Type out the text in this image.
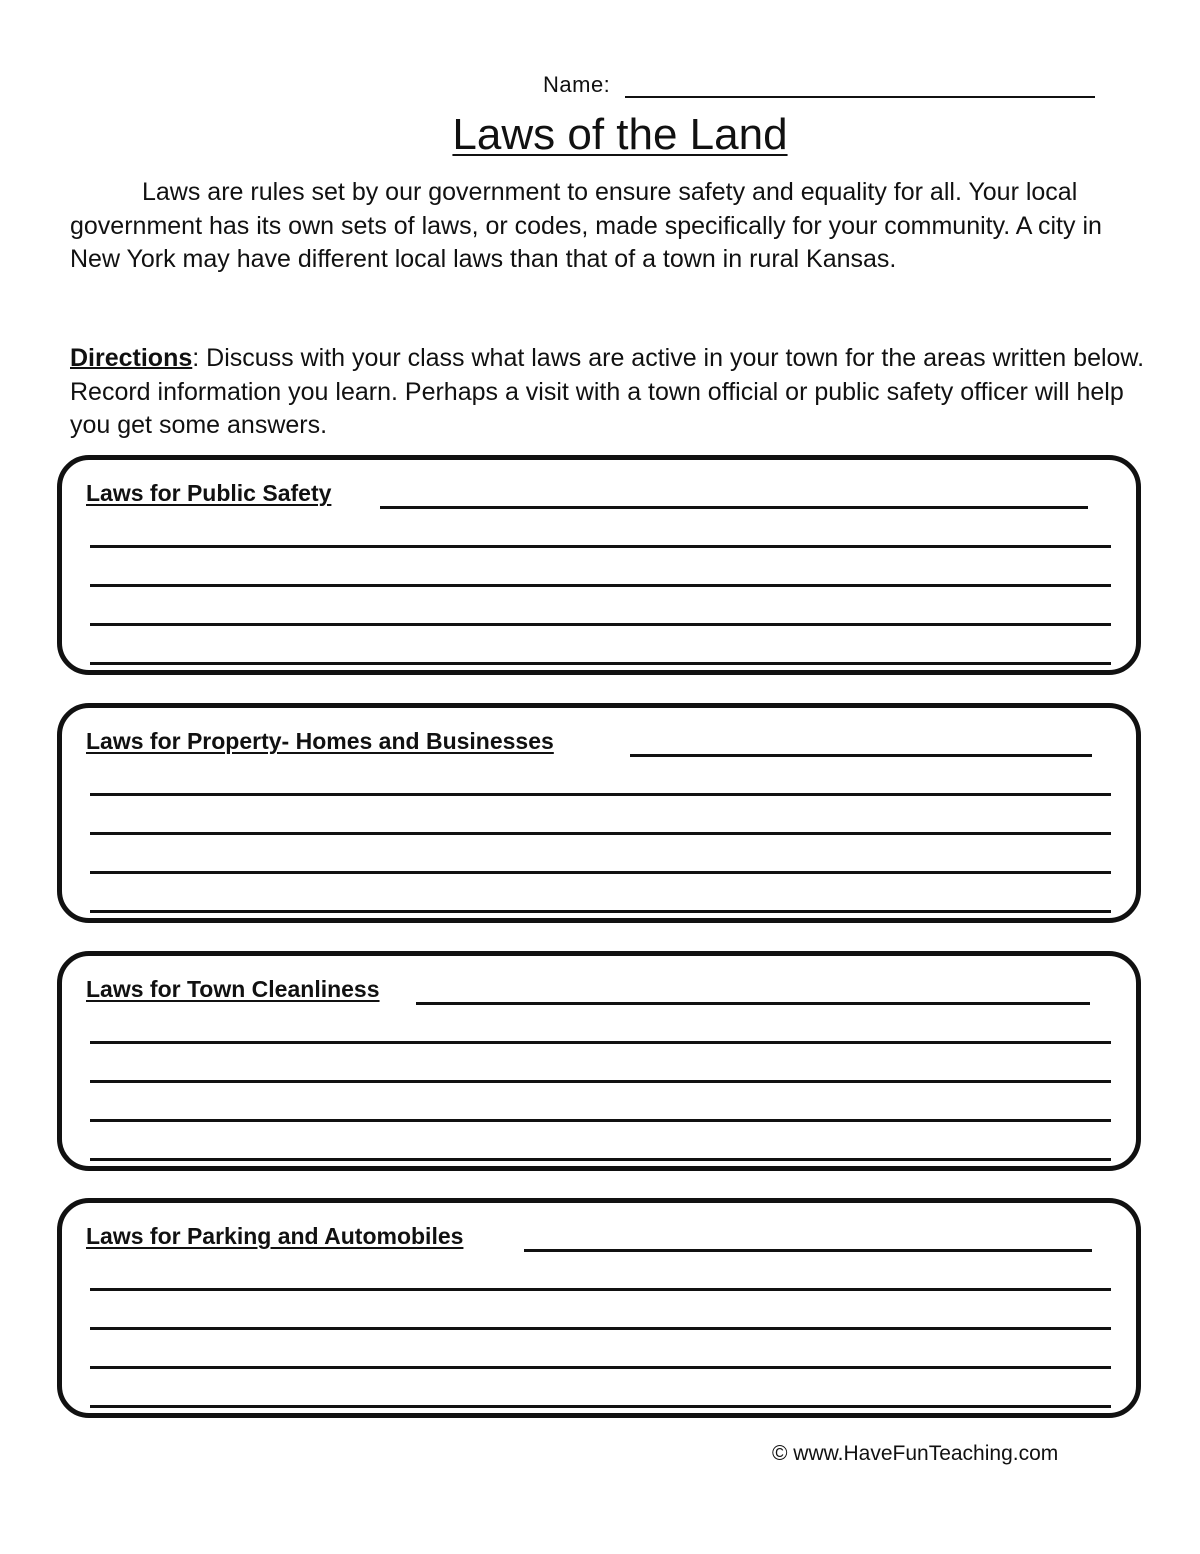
Name:
Laws of the Land

Laws are rules set by our government to ensure safety and equality for all. Your local government has its own sets of laws, or codes, made specifically for your community. A city in New York may have different local laws than that of a town in rural Kansas.

Directions: Discuss with your class what laws are active in your town for the areas written below. Record information you learn. Perhaps a visit with a town official or public safety officer will help you get some answers.

Laws for Public Safety
Laws for Property- Homes and Businesses
Laws for Town Cleanliness
Laws for Parking and Automobiles
© www.HaveFunTeaching.com
